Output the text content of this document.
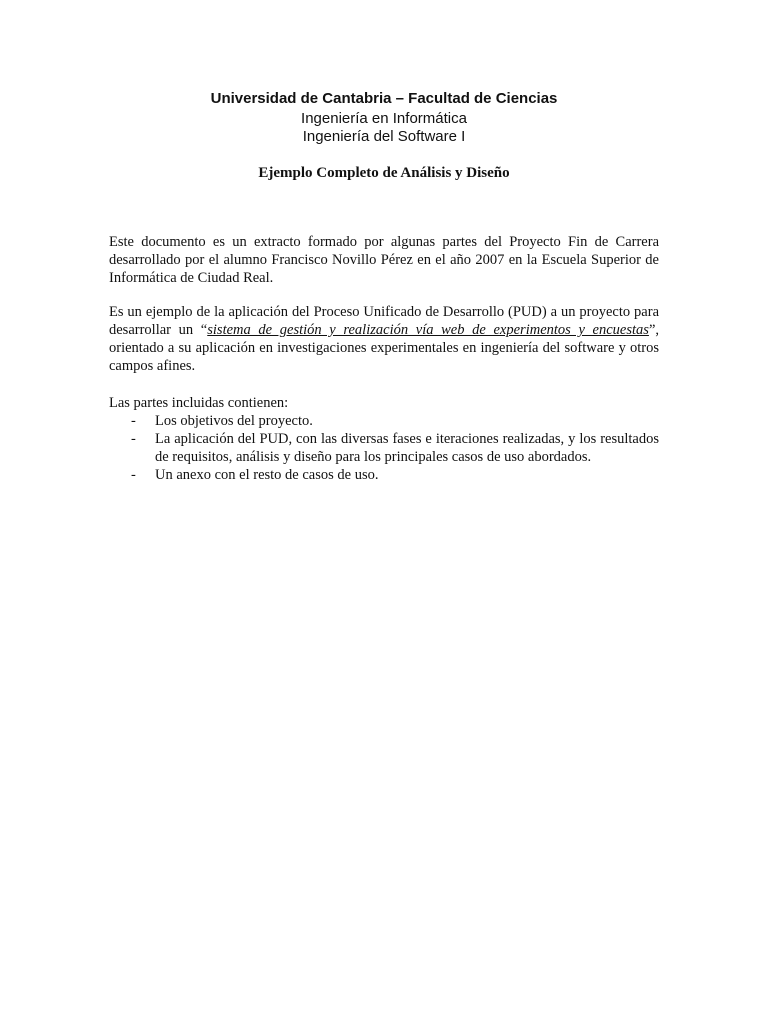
Universidad de Cantabria – Facultad de Ciencias
Ingeniería en Informática
Ingeniería del Software I
Ejemplo Completo de Análisis y Diseño

Este documento es un extracto formado por algunas partes del Proyecto Fin de Carrera desarrollado por el alumno Francisco Novillo Pérez en el año 2007 en la Escuela Superior de Informática de Ciudad Real.

Es un ejemplo de la aplicación del Proceso Unificado de Desarrollo (PUD) a un proyecto para desarrollar un “sistema de gestión y realización vía web de experimentos y encuestas”, orientado a su aplicación en investigaciones experimentales en ingeniería del software y otros campos afines.

Las partes incluidas contienen:
- Los objetivos del proyecto.
- La aplicación del PUD, con las diversas fases e iteraciones realizadas, y los resultados de requisitos, análisis y diseño para los principales casos de uso abordados.
- Un anexo con el resto de casos de uso.
